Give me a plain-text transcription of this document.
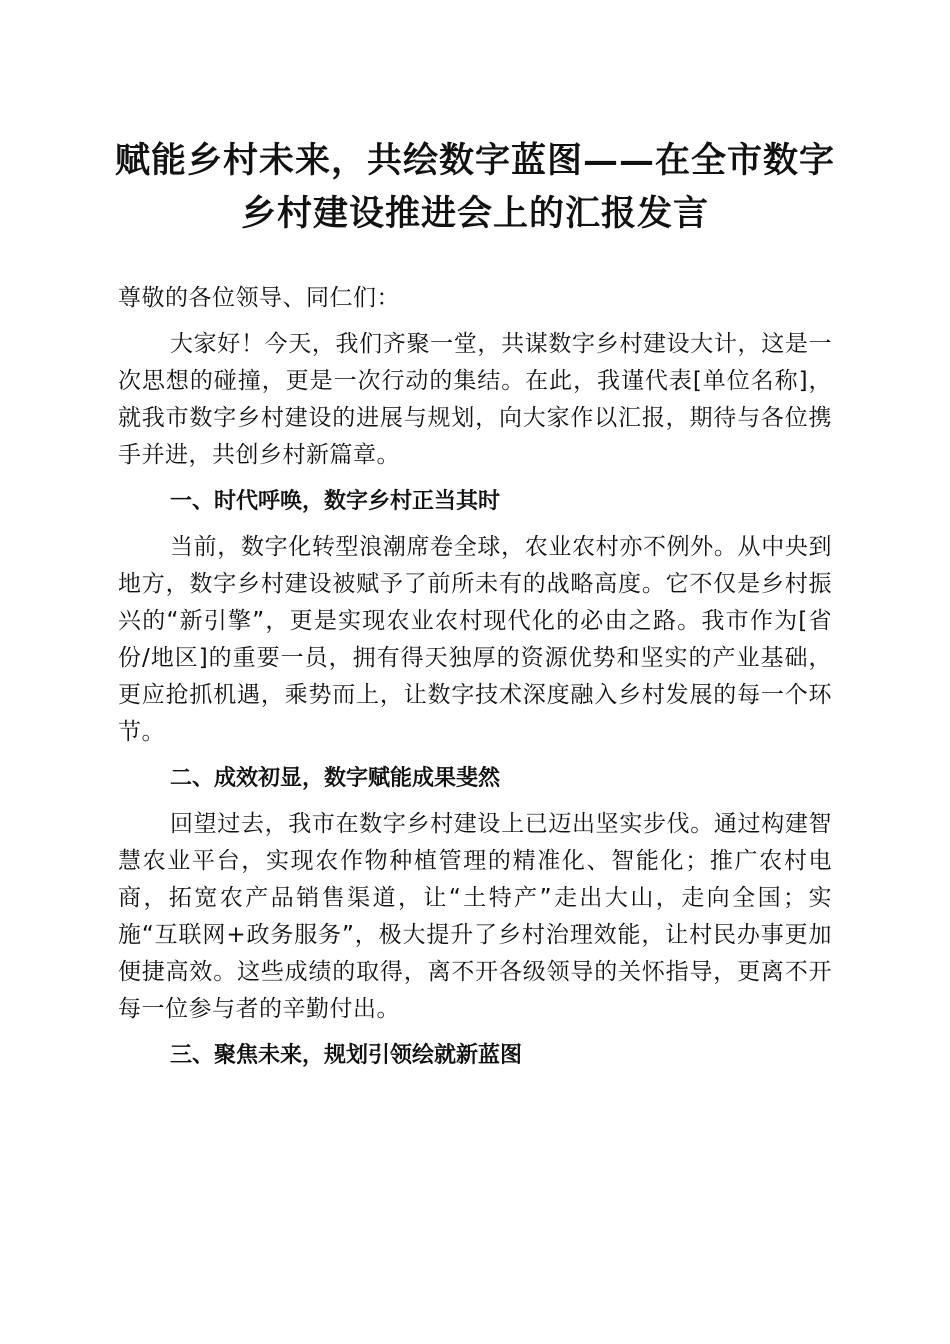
赋能乡村未来，共绘数字蓝图——在全市数字
乡村建设推进会上的汇报发言

尊敬的各位领导、同仁们：

大家好！今天，我们齐聚一堂，共谋数字乡村建设大计，这是一次思想的碰撞，更是一次行动的集结。在此，我谨代表[单位名称]，就我市数字乡村建设的进展与规划，向大家作以汇报，期待与各位携手并进，共创乡村新篇章。

一、时代呼唤，数字乡村正当其时

当前，数字化转型浪潮席卷全球，农业农村亦不例外。从中央到地方，数字乡村建设被赋予了前所未有的战略高度。它不仅是乡村振兴的“新引擎”，更是实现农业农村现代化的必由之路。我市作为[省份/地区]的重要一员，拥有得天独厚的资源优势和坚实的产业基础，更应抢抓机遇，乘势而上，让数字技术深度融入乡村发展的每一个环节。

二、成效初显，数字赋能成果斐然

回望过去，我市在数字乡村建设上已迈出坚实步伐。通过构建智慧农业平台，实现农作物种植管理的精准化、智能化；推广农村电商，拓宽农产品销售渠道，让“土特产”走出大山，走向全国；实施“互联网+政务服务”，极大提升了乡村治理效能，让村民办事更加便捷高效。这些成绩的取得，离不开各级领导的关怀指导，更离不开每一位参与者的辛勤付出。

三、聚焦未来，规划引领绘就新蓝图
